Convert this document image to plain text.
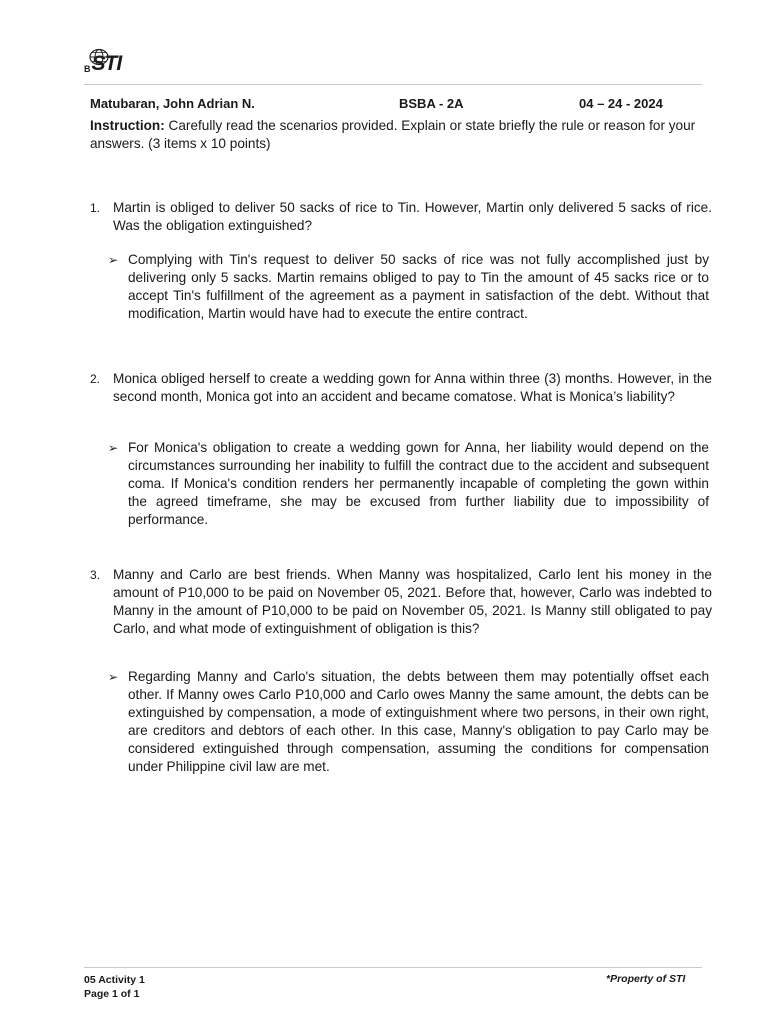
B STI
Matubaran, John Adrian N.	BSBA - 2A	04 – 24 - 2024
Instruction: Carefully read the scenarios provided. Explain or state briefly the rule or reason for your answers. (3 items x 10 points)
1. Martin is obliged to deliver 50 sacks of rice to Tin. However, Martin only delivered 5 sacks of rice. Was the obligation extinguished?
➢ Complying with Tin's request to deliver 50 sacks of rice was not fully accomplished just by delivering only 5 sacks. Martin remains obliged to pay to Tin the amount of 45 sacks rice or to accept Tin's fulfillment of the agreement as a payment in satisfaction of the debt. Without that modification, Martin would have had to execute the entire contract.
2. Monica obliged herself to create a wedding gown for Anna within three (3) months. However, in the second month, Monica got into an accident and became comatose. What is Monica’s liability?
➢ For Monica's obligation to create a wedding gown for Anna, her liability would depend on the circumstances surrounding her inability to fulfill the contract due to the accident and subsequent coma. If Monica's condition renders her permanently incapable of completing the gown within the agreed timeframe, she may be excused from further liability due to impossibility of performance.
3. Manny and Carlo are best friends. When Manny was hospitalized, Carlo lent his money in the amount of P10,000 to be paid on November 05, 2021. Before that, however, Carlo was indebted to Manny in the amount of P10,000 to be paid on November 05, 2021. Is Manny still obligated to pay Carlo, and what mode of extinguishment of obligation is this?
➢ Regarding Manny and Carlo's situation, the debts between them may potentially offset each other. If Manny owes Carlo P10,000 and Carlo owes Manny the same amount, the debts can be extinguished by compensation, a mode of extinguishment where two persons, in their own right, are creditors and debtors of each other. In this case, Manny's obligation to pay Carlo may be considered extinguished through compensation, assuming the conditions for compensation under Philippine civil law are met.
05 Activity 1
Page 1 of 1
*Property of STI
